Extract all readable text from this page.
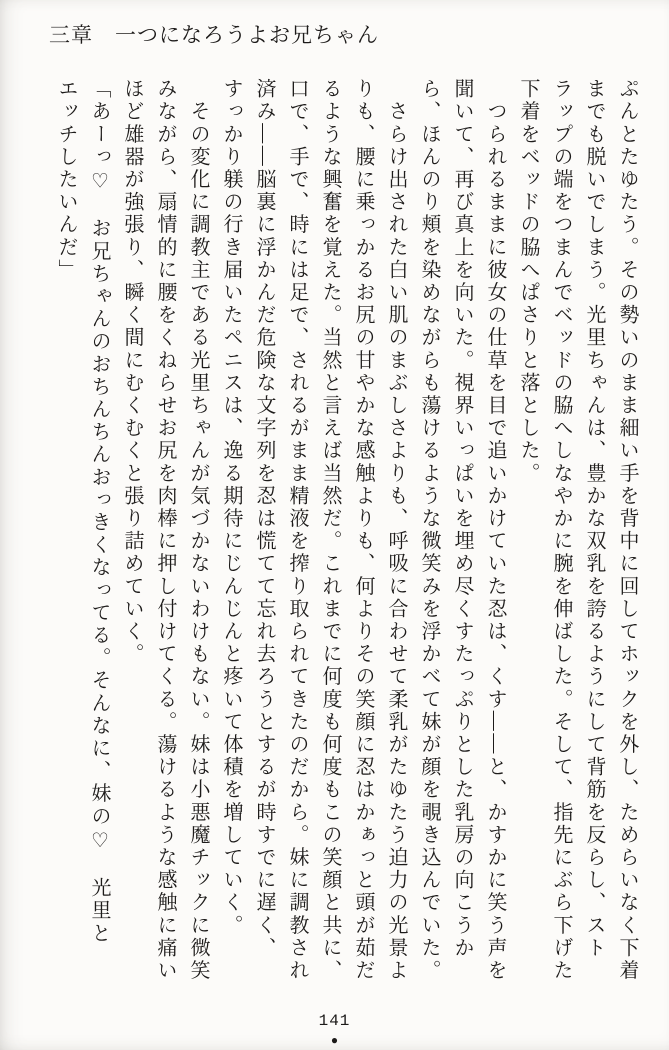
三章　一つになろうよお兄ちゃん

ぷんとたゆたう。その勢いのまま細い手を背中に回してホックを外し、ためらいなく下着までも脱いでしまう。光里ちゃんは、豊かな双乳を誇るようにして背筋を反らし、ストラップの端をつまんでベッドの脇へしなやかに腕を伸ばした。そして、指先にぶら下げた下着をベッドの脇へぱさりと落とした。

　つられるままに彼女の仕草を目で追いかけていた忍は、くす——と、かすかに笑う声を聞いて、再び真上を向いた。視界いっぱいを埋め尽くすたっぷりとした乳房の向こうから、ほんのり頬を染めながらも蕩けるような微笑みを浮かべて妹が顔を覗き込んでいた。

　さらけ出された白い肌のまぶしさよりも、呼吸に合わせて柔乳がたゆたう迫力の光景よりも、腰に乗っかるお尻の甘やかな感触よりも、何よりその笑顔に忍はかぁっと頭が茹だるような興奮を覚えた。当然と言えば当然だ。これまでに何度も何度もこの笑顔と共に、口で、手で、時には足で、されるがまま精液を搾り取られてきたのだから。妹に調教され済み——脳裏に浮かんだ危険な文字列を忍は慌てて忘れ去ろうとするが時すでに遅く、すっかり躾の行き届いたペニスは、逸る期待にじんじんと疼いて体積を増していく。

　その変化に調教主である光里ちゃんが気づかないわけもない。妹は小悪魔チックに微笑みながら、扇情的に腰をくねらせお尻を肉棒に押し付けてくる。蕩けるような感触に痛いほど雄器が強張り、瞬く間にむくむくと張り詰めていく。

「あーっ♡　お兄ちゃんのおちんちんおっきくなってる。そんなに、妹の♡　光里とエッチしたいんだ」

141
●
